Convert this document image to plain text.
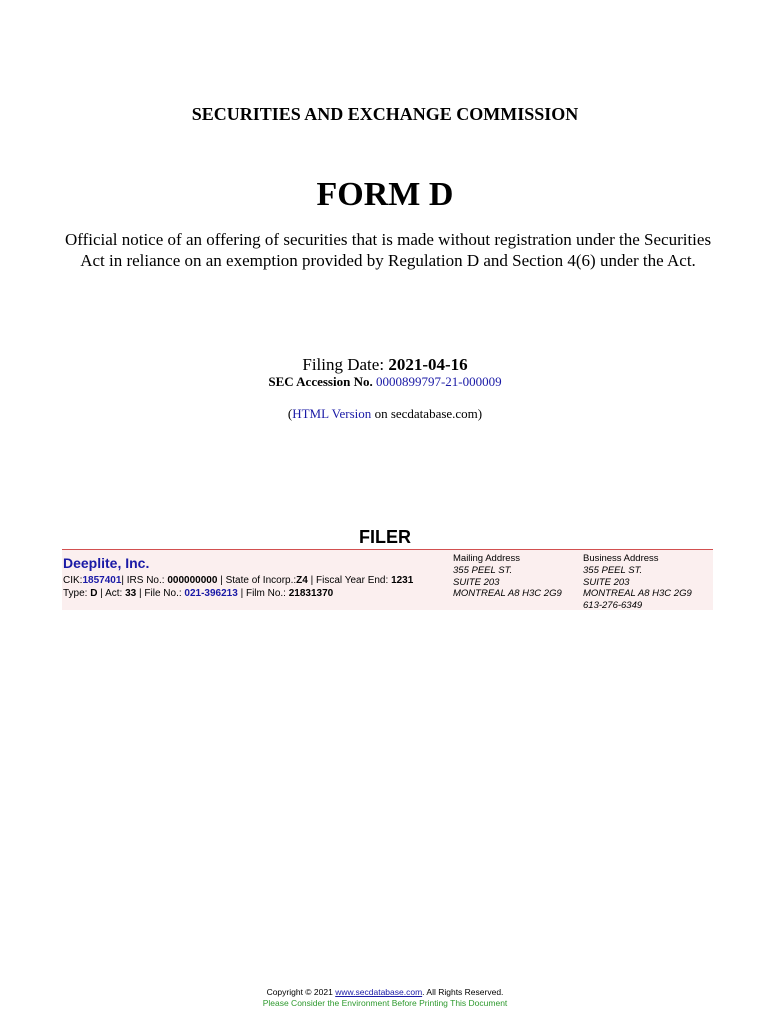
SECURITIES AND EXCHANGE COMMISSION
FORM D
Official notice of an offering of securities that is made without registration under the Securities Act in reliance on an exemption provided by Regulation D and Section 4(6) under the Act.
Filing Date: 2021-04-16
SEC Accession No. 0000899797-21-000009
(HTML Version on secdatabase.com)
FILER
Deeplite, Inc.
CIK:1857401| IRS No.: 000000000 | State of Incorp.:Z4 | Fiscal Year End: 1231
Type: D | Act: 33 | File No.: 021-396213 | Film No.: 21831370
Mailing Address
355 PEEL ST.
SUITE 203
MONTREAL A8 H3C 2G9
Business Address
355 PEEL ST.
SUITE 203
MONTREAL A8 H3C 2G9
613-276-6349
Copyright © 2021 www.secdatabase.com. All Rights Reserved.
Please Consider the Environment Before Printing This Document
